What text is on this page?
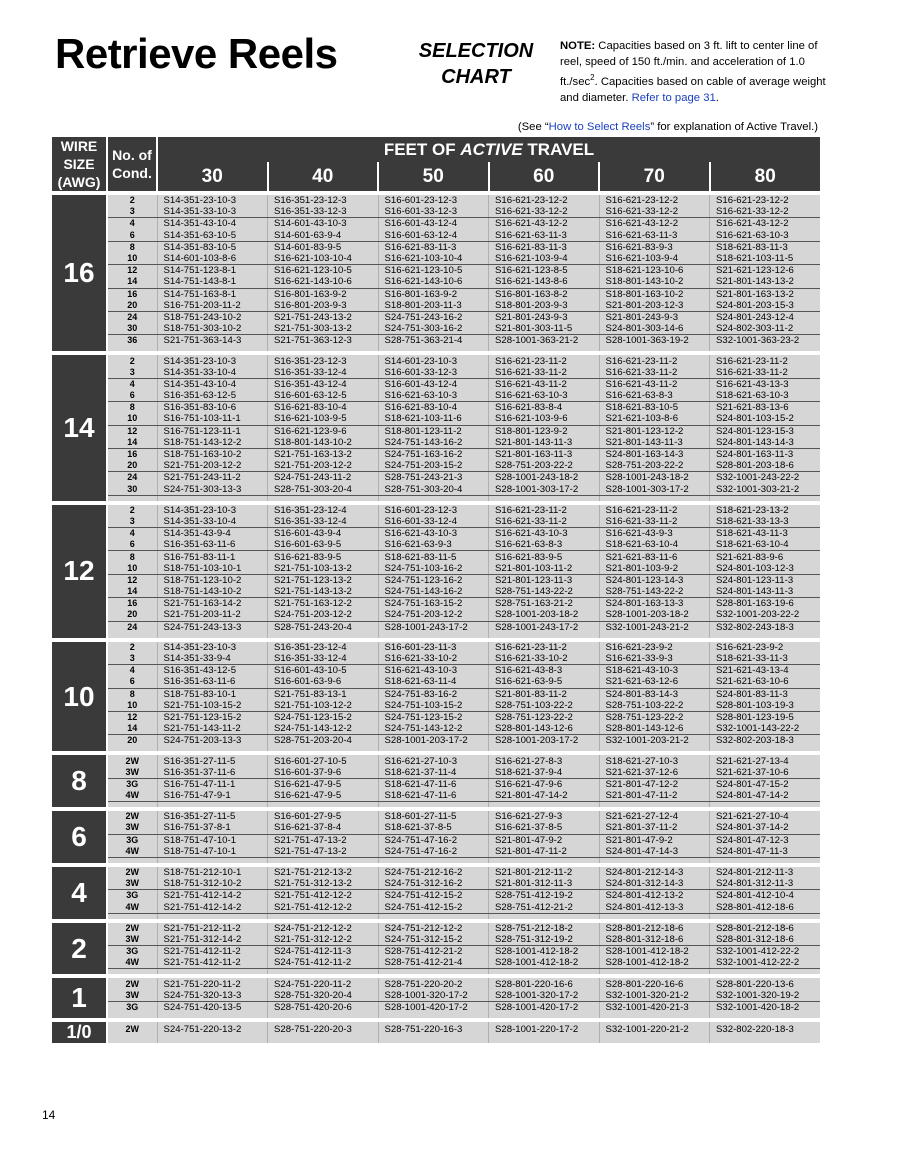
Retrieve Reels	SELECTION CHART
NOTE: Capacities based on 3 ft. lift to center line of reel, speed of 150 ft./min. and acceleration of 1.0 $ft./\sec^2$. Capacities based on cable of average weight and diameter. Refer to page 31.
(See “How to Select Reels” for explanation of Active Travel.)
WIRE SIZE (AWG)	No. of Cond.	FEET OF ACTIVE TRAVEL					
		30	40	50	60	70	80
16	2	S14-351-23-10-3	S16-351-23-12-3	S16-601-23-12-3	S16-621-23-12-2	S16-621-23-12-2	S16-621-23-12-2
	3	S14-351-33-10-3	S16-351-33-12-3	S16-601-33-12-3	S16-621-33-12-2	S16-621-33-12-2	S16-621-33-12-2
	4	S14-351-43-10-4	S14-601-43-10-3	S16-601-43-12-4	S16-621-43-12-2	S16-621-43-12-2	S16-621-43-12-2
	6	S14-351-63-10-5	S14-601-63-9-4	S16-601-63-12-4	S16-621-63-11-3	S16-621-63-11-3	S16-621-63-10-3
	8	S14-351-83-10-5	S14-601-83-9-5	S16-621-83-11-3	S16-621-83-11-3	S16-621-83-9-3	S18-621-83-11-3
	10	S14-601-103-8-6	S16-621-103-10-4	S16-621-103-10-4	S16-621-103-9-4	S16-621-103-9-4	S18-621-103-11-5
	12	S14-751-123-8-1	S16-621-123-10-5	S16-621-123-10-5	S16-621-123-8-5	S18-621-123-10-6	S21-621-123-12-6
	14	S14-751-143-8-1	S16-621-143-10-6	S16-621-143-10-6	S16-621-143-8-6	S18-801-143-10-2	S21-801-143-13-2
	16	S14-751-163-8-1	S16-801-163-9-2	S16-801-163-9-2	S16-801-163-8-2	S18-801-163-10-2	S21-801-163-13-2
	20	S16-751-203-11-2	S16-801-203-9-3	S18-801-203-11-3	S18-801-203-9-3	S21-801-203-12-3	S24-801-203-15-3
	24	S18-751-243-10-2	S21-751-243-13-2	S24-751-243-16-2	S21-801-243-9-3	S21-801-243-9-3	S24-801-243-12-4
	30	S18-751-303-10-2	S21-751-303-13-2	S24-751-303-16-2	S21-801-303-11-5	S24-801-303-14-6	S24-802-303-11-2
	36	S21-751-363-14-3	S21-751-363-12-3	S28-751-363-21-4	S28-1001-363-21-2	S28-1001-363-19-2	S32-1001-363-23-2

14	2	S14-351-23-10-3	S16-351-23-12-3	S14-601-23-10-3	S16-621-23-11-2	S16-621-23-11-2	S16-621-23-11-2
	3	S14-351-33-10-4	S16-351-33-12-4	S16-601-33-12-3	S16-621-33-11-2	S16-621-33-11-2	S16-621-33-11-2
	4	S14-351-43-10-4	S16-351-43-12-4	S16-601-43-12-4	S16-621-43-11-2	S16-621-43-11-2	S16-621-43-13-3
	6	S16-351-63-12-5	S16-601-63-12-5	S16-621-63-10-3	S16-621-63-10-3	S16-621-63-8-3	S18-621-63-10-3
	8	S16-351-83-10-6	S16-621-83-10-4	S16-621-83-10-4	S16-621-83-8-4	S18-621-83-10-5	S21-621-83-13-6
	10	S16-751-103-11-1	S16-621-103-9-5	S18-621-103-11-6	S16-621-103-9-6	S21-621-103-8-6	S24-801-103-15-2
	12	S16-751-123-11-1	S16-621-123-9-6	S18-801-123-11-2	S18-801-123-9-2	S21-801-123-12-2	S24-801-123-15-3
	14	S18-751-143-12-2	S18-801-143-10-2	S24-751-143-16-2	S21-801-143-11-3	S21-801-143-11-3	S24-801-143-14-3
	16	S18-751-163-10-2	S21-751-163-13-2	S24-751-163-16-2	S21-801-163-11-3	S24-801-163-14-3	S24-801-163-11-3
	20	S21-751-203-12-2	S21-751-203-12-2	S24-751-203-15-2	S28-751-203-22-2	S28-751-203-22-2	S28-801-203-18-6
	24	S21-751-243-11-2	S24-751-243-11-2	S28-751-243-21-3	S28-1001-243-18-2	S28-1001-243-18-2	S32-1001-243-22-2
	30	S24-751-303-13-3	S28-751-303-20-4	S28-751-303-20-4	S28-1001-303-17-2	S28-1001-303-17-2	S32-1001-303-21-2

12	2	S14-351-23-10-3	S16-351-23-12-4	S16-601-23-12-3	S16-621-23-11-2	S16-621-23-11-2	S18-621-23-13-2
	3	S14-351-33-10-4	S16-351-33-12-4	S16-601-33-12-4	S16-621-33-11-2	S16-621-33-11-2	S18-621-33-13-3
	4	S14-351-43-9-4	S16-601-43-9-4	S16-621-43-10-3	S16-621-43-10-3	S16-621-43-9-3	S18-621-43-11-3
	6	S16-351-63-11-6	S16-601-63-9-5	S16-621-63-9-3	S16-621-63-8-3	S18-621-63-10-4	S18-621-63-10-4
	8	S16-751-83-11-1	S16-621-83-9-5	S18-621-83-11-5	S16-621-83-9-5	S21-621-83-11-6	S21-621-83-9-6
	10	S18-751-103-10-1	S21-751-103-13-2	S24-751-103-16-2	S21-801-103-11-2	S21-801-103-9-2	S24-801-103-12-3
	12	S18-751-123-10-2	S21-751-123-13-2	S24-751-123-16-2	S21-801-123-11-3	S24-801-123-14-3	S24-801-123-11-3
	14	S18-751-143-10-2	S21-751-143-13-2	S24-751-143-16-2	S28-751-143-22-2	S28-751-143-22-2	S24-801-143-11-3
	16	S21-751-163-14-2	S21-751-163-12-2	S24-751-163-15-2	S28-751-163-21-2	S24-801-163-13-3	S28-801-163-19-6
	20	S21-751-203-11-2	S24-751-203-12-2	S24-751-203-12-2	S28-1001-203-18-2	S28-1001-203-18-2	S32-1001-203-22-2
	24	S24-751-243-13-3	S28-751-243-20-4	S28-1001-243-17-2	S28-1001-243-17-2	S32-1001-243-21-2	S32-802-243-18-3

10	2	S14-351-23-10-3	S16-351-23-12-4	S16-601-23-11-3	S16-621-23-11-2	S16-621-23-9-2	S16-621-23-9-2
	3	S14-351-33-9-4	S16-351-33-12-4	S16-621-33-10-2	S16-621-33-10-2	S16-621-33-9-3	S18-621-33-11-3
	4	S16-351-43-12-5	S16-601-43-10-5	S16-621-43-10-3	S16-621-43-8-3	S18-621-43-10-3	S21-621-43-13-4
	6	S16-351-63-11-6	S16-601-63-9-6	S18-621-63-11-4	S16-621-63-9-5	S21-621-63-12-6	S21-621-63-10-6
	8	S18-751-83-10-1	S21-751-83-13-1	S24-751-83-16-2	S21-801-83-11-2	S24-801-83-14-3	S24-801-83-11-3
	10	S21-751-103-15-2	S21-751-103-12-2	S24-751-103-15-2	S28-751-103-22-2	S28-751-103-22-2	S28-801-103-19-3
	12	S21-751-123-15-2	S24-751-123-15-2	S24-751-123-15-2	S28-751-123-22-2	S28-751-123-22-2	S28-801-123-19-5
	14	S21-751-143-11-2	S24-751-143-12-2	S24-751-143-12-2	S28-801-143-12-6	S28-801-143-12-6	S32-1001-143-22-2
	20	S24-751-203-13-3	S28-751-203-20-4	S28-1001-203-17-2	S28-1001-203-17-2	S32-1001-203-21-2	S32-802-203-18-3

8	2W	S16-351-27-11-5	S16-601-27-10-5	S16-621-27-10-3	S16-621-27-8-3	S18-621-27-10-3	S21-621-27-13-4
	3W	S16-351-37-11-6	S16-601-37-9-6	S18-621-37-11-4	S18-621-37-9-4	S21-621-37-12-6	S21-621-37-10-6
	3G	S16-751-47-11-1	S16-621-47-9-5	S18-621-47-11-6	S16-621-47-9-6	S21-801-47-12-2	S24-801-47-15-2
	4W	S16-751-47-9-1	S16-621-47-9-5	S18-621-47-11-6	S21-801-47-14-2	S21-801-47-11-2	S24-801-47-14-2

6	2W	S16-351-27-11-5	S16-601-27-9-5	S18-601-27-11-5	S16-621-27-9-3	S21-621-27-12-4	S21-621-27-10-4
	3W	S16-751-37-8-1	S16-621-37-8-4	S18-621-37-8-5	S16-621-37-8-5	S21-801-37-11-2	S24-801-37-14-2
	3G	S18-751-47-10-1	S21-751-47-13-2	S24-751-47-16-2	S21-801-47-9-2	S21-801-47-9-2	S24-801-47-12-3
	4W	S18-751-47-10-1	S21-751-47-13-2	S24-751-47-16-2	S21-801-47-11-2	S24-801-47-14-3	S24-801-47-11-3

4	2W	S18-751-212-10-1	S21-751-212-13-2	S24-751-212-16-2	S21-801-212-11-2	S24-801-212-14-3	S24-801-212-11-3
	3W	S18-751-312-10-2	S21-751-312-13-2	S24-751-312-16-2	S21-801-312-11-3	S24-801-312-14-3	S24-801-312-11-3
	3G	S21-751-412-14-2	S21-751-412-12-2	S24-751-412-15-2	S28-751-412-19-2	S24-801-412-13-2	S24-801-412-10-4
	4W	S21-751-412-14-2	S21-751-412-12-2	S24-751-412-15-2	S28-751-412-21-2	S24-801-412-13-3	S28-801-412-18-6

2	2W	S21-751-212-11-2	S24-751-212-12-2	S24-751-212-12-2	S28-751-212-18-2	S28-801-212-18-6	S28-801-212-18-6
	3W	S21-751-312-14-2	S21-751-312-12-2	S24-751-312-15-2	S28-751-312-19-2	S28-801-312-18-6	S28-801-312-18-6
	3G	S21-751-412-11-2	S24-751-412-11-3	S28-751-412-21-2	S28-1001-412-18-2	S28-1001-412-18-2	S32-1001-412-22-2
	4W	S21-751-412-11-2	S24-751-412-11-2	S28-751-412-21-4	S28-1001-412-18-2	S28-1001-412-18-2	S32-1001-412-22-2

1	2W	S21-751-220-11-2	S24-751-220-11-2	S28-751-220-20-2	S28-801-220-16-6	S28-801-220-16-6	S28-801-220-13-6
	3W	S24-751-320-13-3	S28-751-320-20-4	S28-1001-320-17-2	S28-1001-320-17-2	S32-1001-320-21-2	S32-1001-320-19-2
	3G	S24-751-420-13-5	S28-751-420-20-6	S28-1001-420-17-2	S28-1001-420-17-2	S32-1001-420-21-3	S32-1001-420-18-2

1/0	2W	S24-751-220-13-2	S28-751-220-20-3	S28-751-220-16-3	S28-1001-220-17-2	S32-1001-220-21-2	S32-802-220-18-3

14
